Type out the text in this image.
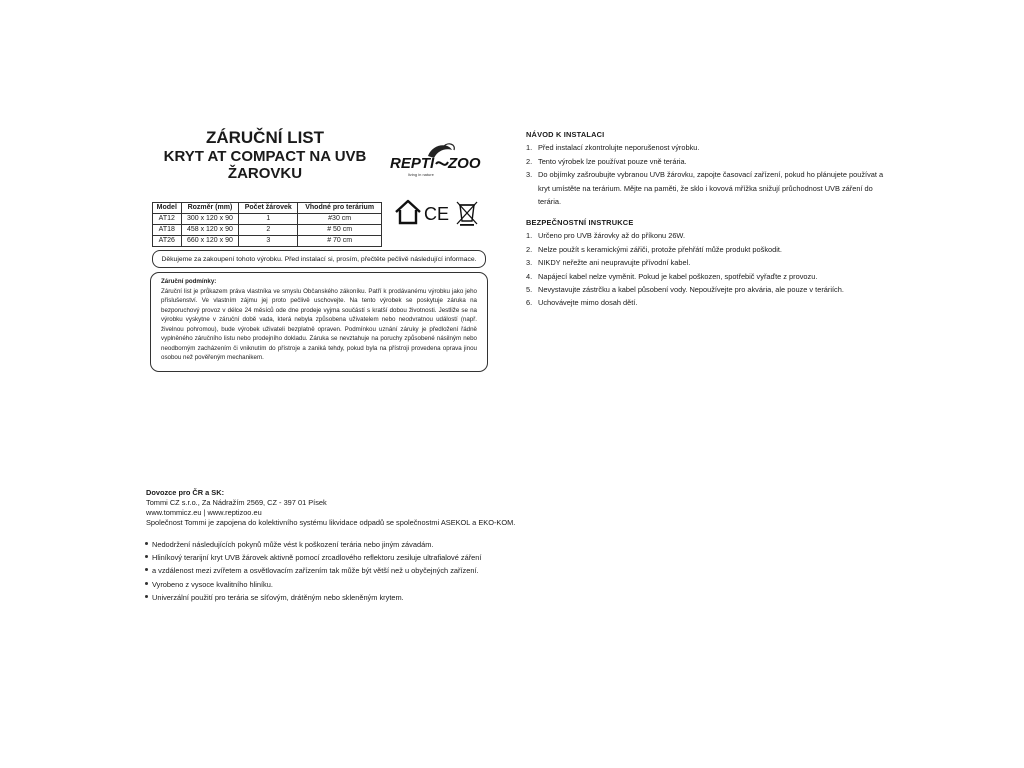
ZÁRUČNÍ LIST
KRYT AT COMPACT NA UVB
ŽAROVKU
REPTI ZOO
living in nature
Model	Rozměr (mm)	Počet žárovek	Vhodné pro terárium
AT12	300 x 120 x 90	1	#30 cm
AT18	458 x 120 x 90	2	# 50 cm
AT26	660 x 120 x 90	3	# 70 cm
CE
Děkujeme za zakoupení tohoto výrobku. Před instalací si, prosím, přečtěte pečlivě následující informace.
Záruční podmínky:
Záruční list je průkazem práva vlastníka ve smyslu Občanského zákoníku. Patří k prodávanému výrobku jako jeho příslušenství. Ve vlastním zájmu jej proto pečlivě uschovejte. Na tento výrobek se poskytuje záruka na bezporuchový provoz v délce 24 měsíců ode dne prodeje vyjma součástí s kratší dobou životnosti. Jestliže se na výrobku vyskytne v záruční době vada, která nebyla způsobena uživatelem nebo neodvratnou událostí (např. živelnou pohromou), bude výrobek uživateli bezplatně opraven. Podmínkou uznání záruky je předložení řádně vyplněného záručního listu nebo prodejního dokladu. Záruka se nevztahuje na poruchy způsobené násilným nebo neodborným zacházením či vniknutím do přístroje a zaniká tehdy, pokud byla na přístroji provedena oprava jinou osobou než pověřeným mechanikem.
NÁVOD K INSTALACI
1. Před instalací zkontrolujte neporušenost výrobku.
2. Tento výrobek lze používat pouze vně terária.
3. Do objímky zašroubujte vybranou UVB žárovku, zapojte časovací zařízení, pokud ho plánujete používat a kryt umístěte na terárium. Mějte na paměti, že sklo i kovová mřížka snižují průchodnost UVB záření do terária.
BEZPEČNOSTNÍ INSTRUKCE
1. Určeno pro UVB žárovky až do příkonu 26W.
2. Nelze použít s keramickými zářiči, protože přehřátí může produkt poškodit.
3. NIKDY neřežte ani neupravujte přívodní kabel.
4. Napájecí kabel nelze vyměnit. Pokud je kabel poškozen, spotřebič vyřaďte z provozu.
5. Nevystavujte zástrčku a kabel působení vody. Nepoužívejte pro akvária, ale pouze v teráriích.
6. Uchovávejte mimo dosah dětí.
Dovozce pro ČR a SK:
Tommi CZ s.r.o., Za Nádražím 2569, CZ - 397 01 Písek
www.tommicz.eu | www.reptizoo.eu
Společnost Tommi je zapojena do kolektivního systému likvidace odpadů se společnostmi ASEKOL a EKO-KOM.
Nedodržení následujících pokynů může vést k poškození terária nebo jiným závadám.
Hliníkový terarijní kryt UVB žárovek aktivně pomocí zrcadlového reflektoru zesiluje ultrafialové záření
a vzdálenost mezi zvířetem a osvětlovacím zařízením tak může být větší než u obyčejných zařízení.
Vyrobeno z vysoce kvalitního hliníku.
Univerzální použití pro terária se síťovým, drátěným nebo skleněným krytem.
